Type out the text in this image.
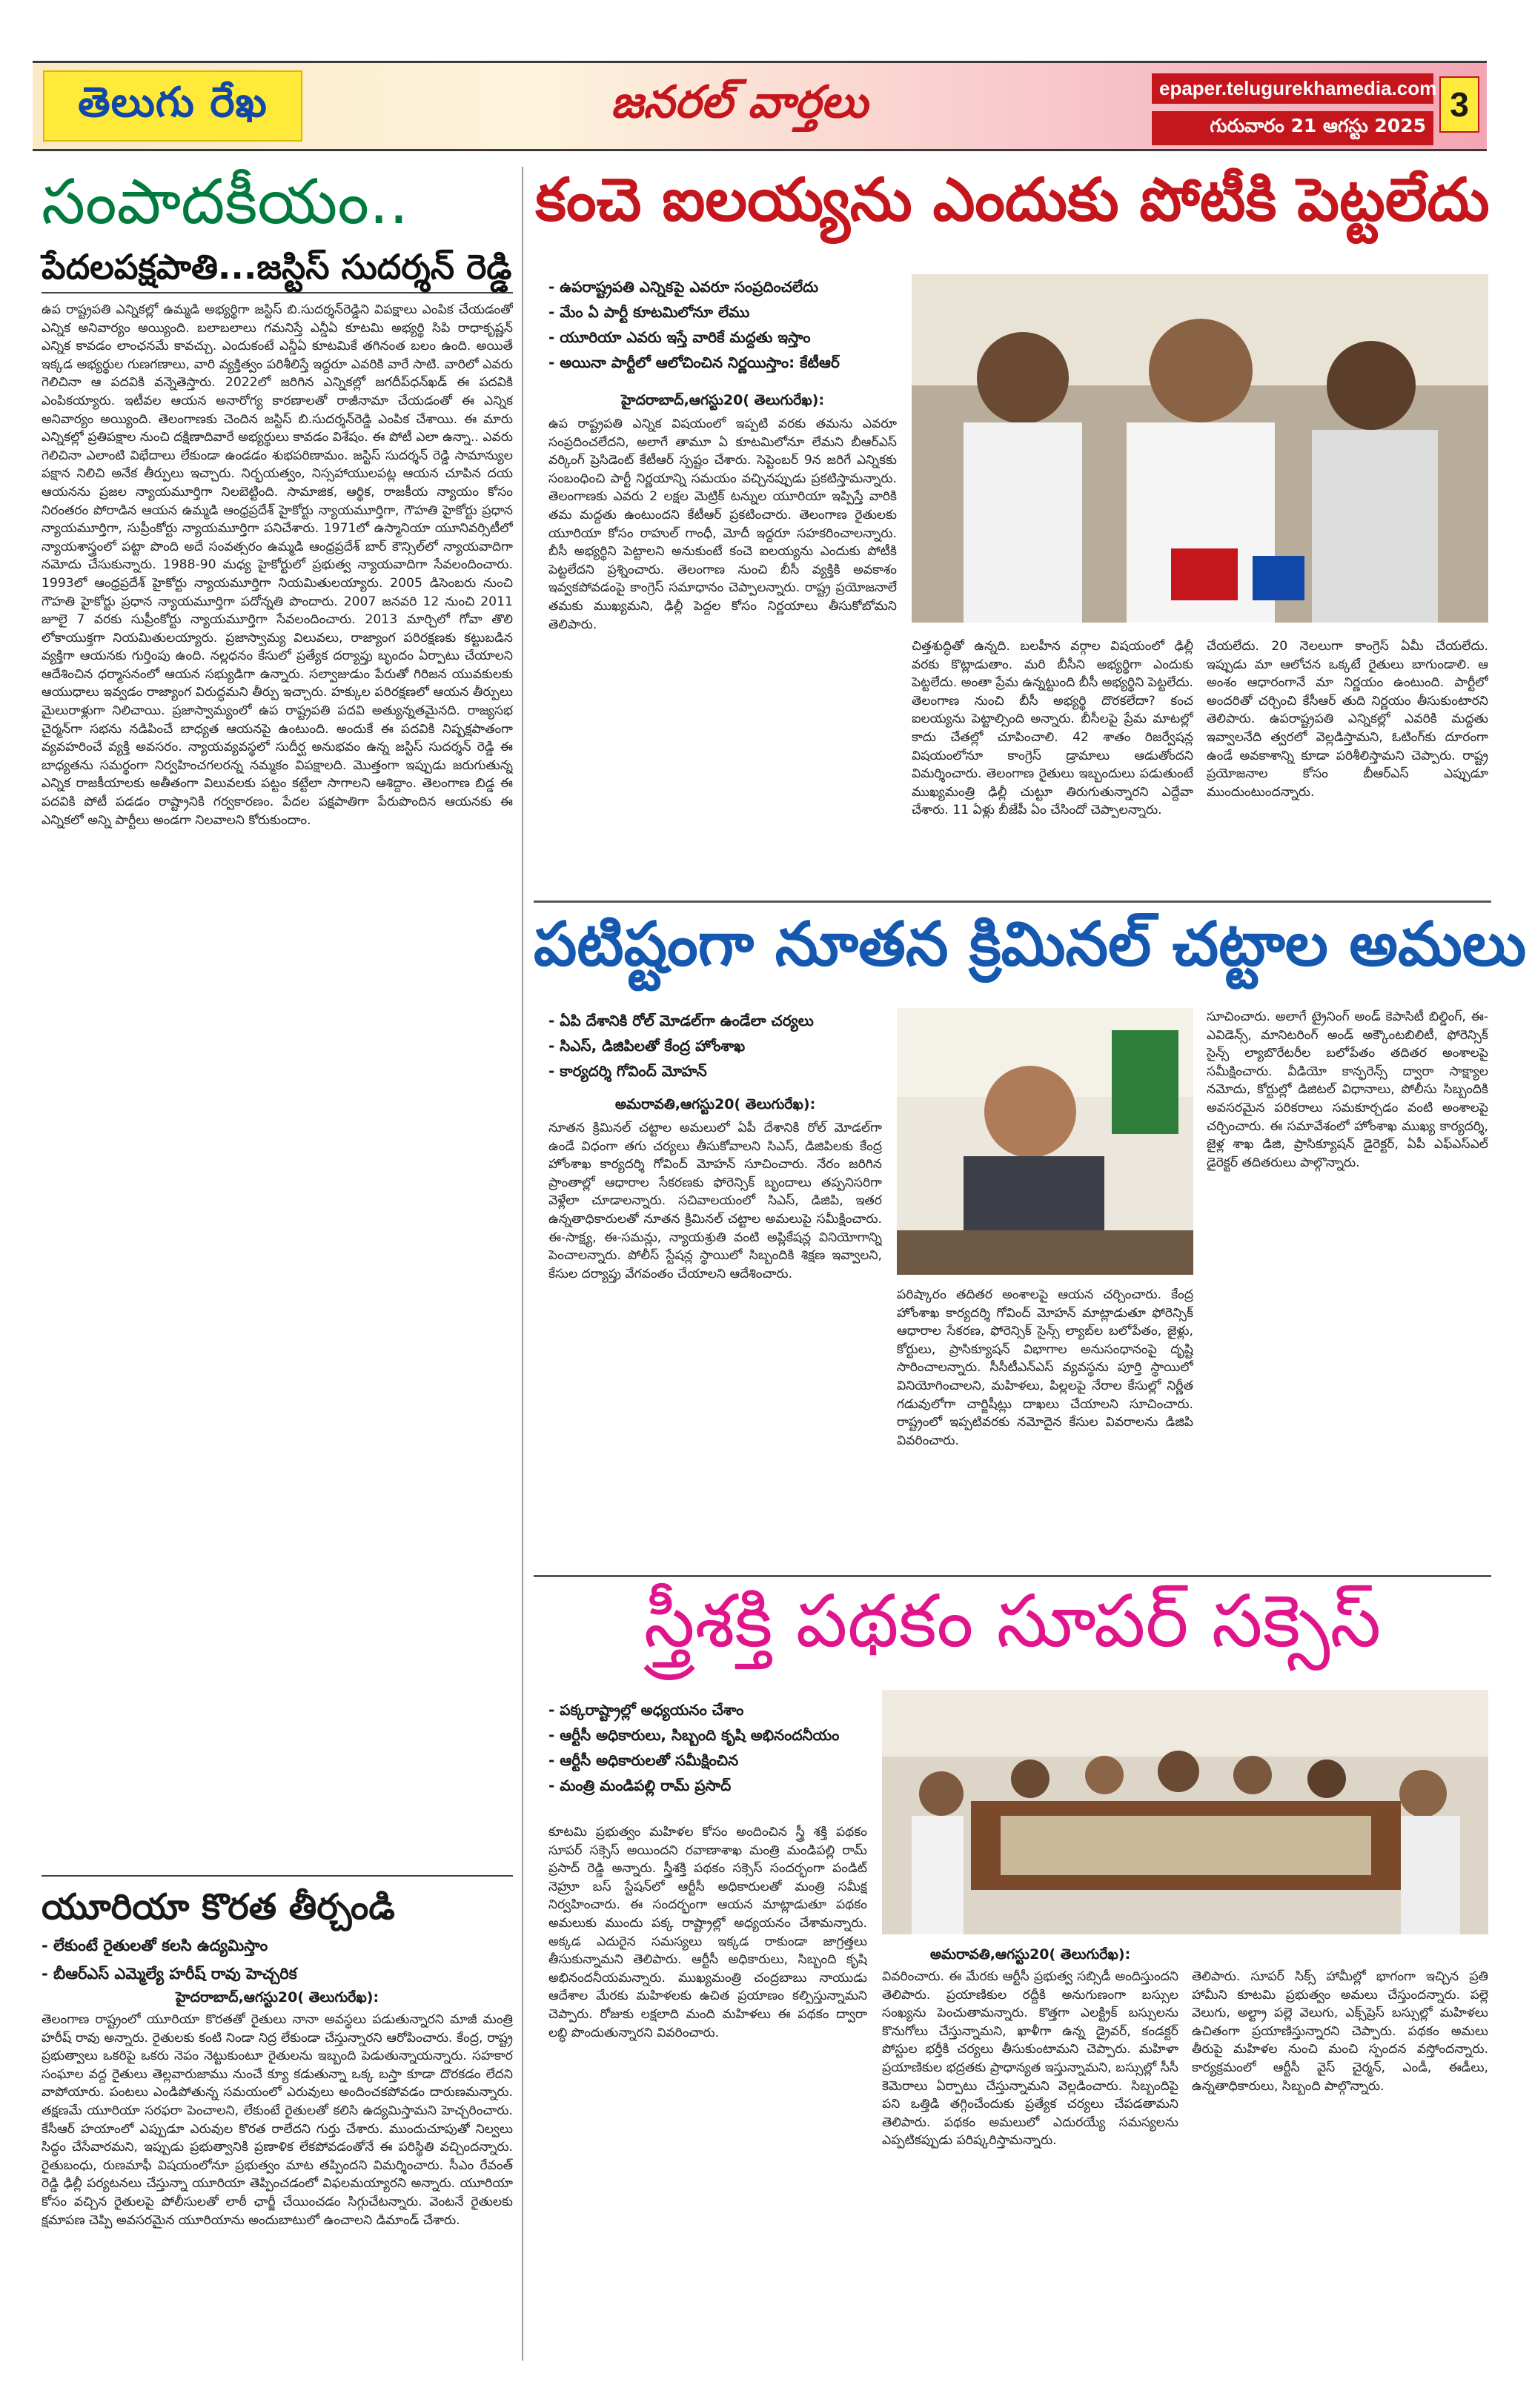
తెలుగు రేఖ	జనరల్ వార్తలు	epaper.telugurekhamedia.com
గురువారం 21 ఆగస్టు 2025
3
సంపాదకీయం..
పేదలపక్షపాతి...జస్టిస్ సుదర్శన్ రెడ్డి
ఉప రాష్ట్రపతి ఎన్నికల్లో ఉమ్మడి అభ్యర్థిగా జస్టిస్ బి.సుదర్శన్‌రెడ్డిని విపక్షాలు ఎంపిక చేయడంతో ఎన్నిక అనివార్యం అయ్యింది. బలాబలాలు గమనిస్తే ఎన్డీఏ కూటమి అభ్యర్థి సిపి రాధాకృష్ణన్ ఎన్నిక కావడం లాంఛనమే కావచ్చు. ఎందుకంటే ఎన్డీఏ కూటమికే తగినంత బలం ఉంది. అయితే ఇక్కడ అభ్యర్థుల గుణగణాలు, వారి వ్యక్తిత్వం పరిశీలిస్తే ఇద్దరూ ఎవరికి వారే సాటి. వారిలో ఎవరు గెలిచినా ఆ పదవికి వన్నెతెస్తారు. 2022లో జరిగిన ఎన్నికల్లో జగదీప్‌ధన్‌ఖడ్ ఈ పదవికి ఎంపికయ్యారు. ఇటీవల ఆయన అనారోగ్య కారణాలతో రాజీనామా చేయడంతో ఈ ఎన్నిక అనివార్యం అయ్యింది. తెలంగాణకు చెందిన జస్టిస్ బి.సుదర్శన్‌రెడ్డి ఎంపిక చేశాయి. ఈ మారు ఎన్నికల్లో ప్రతిపక్షాల నుంచి దక్షిణాదివారే అభ్యర్థులు కావడం విశేషం. ఈ పోటీ ఎలా ఉన్నా.. ఎవరు గెలిచినా ఎలాంటి విభేదాలు లేకుండా ఉండడం శుభపరిణామం. జస్టిస్ సుదర్శన్ రెడ్డి సామాన్యుల పక్షాన నిలిచి అనేక తీర్పులు ఇచ్చారు. నిర్భయత్వం, నిస్సహాయులపట్ల ఆయన చూపిన దయ ఆయనను ప్రజల న్యాయమూర్తిగా నిలబెట్టింది. సామాజిక, ఆర్థిక, రాజకీయ న్యాయం కోసం నిరంతరం పోరాడిన ఆయన ఉమ్మడి ఆంధ్రప్రదేశ్ హైకోర్టు న్యాయమూర్తిగా, గౌహతి హైకోర్టు ప్రధాన న్యాయమూర్తిగా, సుప్రీంకోర్టు న్యాయమూర్తిగా పనిచేశారు. 1971లో ఉస్మానియా యూనివర్సిటీలో న్యాయశాస్త్రంలో పట్టా పొంది అదే సంవత్సరం ఉమ్మడి ఆంధ్రప్రదేశ్ బార్ కౌన్సిల్‌లో న్యాయవాదిగా నమోదు చేసుకున్నారు. 1988-90 మధ్య హైకోర్టులో ప్రభుత్వ న్యాయవాదిగా సేవలందించారు. 1993లో ఆంధ్రప్రదేశ్ హైకోర్టు న్యాయమూర్తిగా నియమితులయ్యారు. 2005 డిసెంబరు నుంచి గౌహతి హైకోర్టు ప్రధాన న్యాయమూర్తిగా పదోన్నతి పొందారు. 2007 జనవరి 12 నుంచి 2011 జూలై 7 వరకు సుప్రీంకోర్టు న్యాయమూర్తిగా సేవలందించారు. 2013 మార్చిలో గోవా తొలి లోకాయుక్తగా నియమితులయ్యారు. ప్రజాస్వామ్య విలువలు, రాజ్యాంగ పరిరక్షణకు కట్టుబడిన వ్యక్తిగా ఆయనకు గుర్తింపు ఉంది. నల్లధనం కేసులో ప్రత్యేక దర్యాప్తు బృందం ఏర్పాటు చేయాలని ఆదేశించిన ధర్మాసనంలో ఆయన సభ్యుడిగా ఉన్నారు. సల్వాజుడుం పేరుతో గిరిజన యువకులకు ఆయుధాలు ఇవ్వడం రాజ్యాంగ విరుద్ధమని తీర్పు ఇచ్చారు. హక్కుల పరిరక్షణలో ఆయన తీర్పులు మైలురాళ్లుగా నిలిచాయి. ప్రజాస్వామ్యంలో ఉప రాష్ట్రపతి పదవి అత్యున్నతమైనది. రాజ్యసభ చైర్మన్‌గా సభను నడిపించే బాధ్యత ఆయనపై ఉంటుంది. అందుకే ఈ పదవికి నిష్పక్షపాతంగా వ్యవహరించే వ్యక్తి అవసరం. న్యాయవ్యవస్థలో సుదీర్ఘ అనుభవం ఉన్న జస్టిస్ సుదర్శన్ రెడ్డి ఈ బాధ్యతను సమర్థంగా నిర్వహించగలరన్న నమ్మకం విపక్షాలది. మొత్తంగా ఇప్పుడు జరుగుతున్న ఎన్నిక రాజకీయాలకు అతీతంగా విలువలకు పట్టం కట్టేలా సాగాలని ఆశిద్దాం. తెలంగాణ బిడ్డ ఈ పదవికి పోటీ పడడం రాష్ట్రానికి గర్వకారణం. పేదల పక్షపాతిగా పేరుపొందిన ఆయనకు ఈ ఎన్నికలో అన్ని పార్టీలు అండగా నిలవాలని కోరుకుందాం.
యూరియా కొరత తీర్చండి
- లేకుంటే రైతులతో కలసి ఉద్యమిస్తాం
- బీఆర్ఎస్ ఎమ్మెల్యే హరీష్ రావు హెచ్చరిక
హైదరాబాద్,ఆగస్టు20( తెలుగురేఖ):
తెలంగాణ రాష్ట్రంలో యూరియా కొరతతో రైతులు నానా అవస్థలు పడుతున్నారని మాజీ మంత్రి హరీష్ రావు అన్నారు. రైతులకు కంటి నిండా నిద్ర లేకుండా చేస్తున్నారని ఆరోపించారు. కేంద్ర, రాష్ట్ర ప్రభుత్వాలు ఒకరిపై ఒకరు నెపం నెట్టుకుంటూ రైతులను ఇబ్బంది పెడుతున్నాయన్నారు. సహకార సంఘాల వద్ద రైతులు తెల్లవారుజాము నుంచే క్యూ కడుతున్నా ఒక్క బస్తా కూడా దొరకడం లేదని వాపోయారు. పంటలు ఎండిపోతున్న సమయంలో ఎరువులు అందించకపోవడం దారుణమన్నారు. తక్షణమే యూరియా సరఫరా పెంచాలని, లేకుంటే రైతులతో కలిసి ఉద్యమిస్తామని హెచ్చరించారు. కేసీఆర్ హయాంలో ఎప్పుడూ ఎరువుల కొరత రాలేదని గుర్తు చేశారు. ముందుచూపుతో నిల్వలు సిద్ధం చేసేవారమని, ఇప్పుడు ప్రభుత్వానికి ప్రణాళిక లేకపోవడంతోనే ఈ పరిస్థితి వచ్చిందన్నారు. రైతుబంధు, రుణమాఫీ విషయంలోనూ ప్రభుత్వం మాట తప్పిందని విమర్శించారు. సీఎం రేవంత్ రెడ్డి ఢిల్లీ పర్యటనలు చేస్తున్నా యూరియా తెప్పించడంలో విఫలమయ్యారని అన్నారు. యూరియా కోసం వచ్చిన రైతులపై పోలీసులతో లాఠీ ఛార్జీ చేయించడం సిగ్గుచేటన్నారు. వెంటనే రైతులకు క్షమాపణ చెప్పి అవసరమైన యూరియాను అందుబాటులో ఉంచాలని డిమాండ్ చేశారు.
కంచె ఐలయ్యను ఎందుకు పోటీకి పెట్టలేదు
- ఉపరాష్ట్రపతి ఎన్నికపై ఎవరూ సంప్రదించలేదు
- మేం ఏ పార్టీ కూటమిలోనూ లేము
- యూరియా ఎవరు ఇస్తే వారికే మద్దతు ఇస్తాం
- అయినా పార్టీలో ఆలోచించిన నిర్ణయిస్తాం: కేటీఆర్
హైదరాబాద్,ఆగస్టు20( తెలుగురేఖ):
ఉప రాష్ట్రపతి ఎన్నిక విషయంలో ఇప్పటి వరకు తమను ఎవరూ సంప్రదించలేదని, అలాగే తామూ ఏ కూటమిలోనూ లేమని బీఆర్ఎస్ వర్కింగ్ ప్రెసిడెంట్ కేటీఆర్ స్పష్టం చేశారు. సెప్టెంబర్ 9న జరిగే ఎన్నికకు సంబంధించి పార్టీ నిర్ణయాన్ని సమయం వచ్చినప్పుడు ప్రకటిస్తామన్నారు. తెలంగాణకు ఎవరు 2 లక్షల మెట్రిక్ టన్నుల యూరియా ఇప్పిస్తే వారికి తమ మద్దతు ఉంటుందని కేటీఆర్ ప్రకటించారు. తెలంగాణ రైతులకు యూరియా కోసం రాహుల్ గాంధీ, మోదీ ఇద్దరూ సహకరించాలన్నారు. బీసీ అభ్యర్థిని పెట్టాలని అనుకుంటే కంచె ఐలయ్యను ఎందుకు పోటీకి పెట్టలేదని ప్రశ్నించారు. తెలంగాణ నుంచి బీసీ వ్యక్తికి అవకాశం ఇవ్వకపోవడంపై కాంగ్రెస్ సమాధానం చెప్పాలన్నారు. రాష్ట్ర ప్రయోజనాలే తమకు ముఖ్యమని, ఢిల్లీ పెద్దల కోసం నిర్ణయాలు తీసుకోబోమని తెలిపారు.
చిత్తశుద్ధితో ఉన్నది. బలహీన వర్గాల విషయంలో ఢిల్లీ వరకు కొట్లాడుతాం. మరి బీసీని అభ్యర్థిగా ఎందుకు పెట్టలేదు. అంతా ప్రేమ ఉన్నట్టుంది బీసీ అభ్యర్థిని పెట్టలేదు. తెలంగాణ నుంచి బీసీ అభ్యర్థి దొరకలేదా? కంచ ఐలయ్యను పెట్టాల్సింది అన్నారు. బీసీలపై ప్రేమ మాటల్లో కాదు చేతల్లో చూపించాలి. 42 శాతం రిజర్వేషన్ల విషయంలోనూ కాంగ్రెస్ డ్రామాలు ఆడుతోందని విమర్శించారు. తెలంగాణ రైతులు ఇబ్బందులు పడుతుంటే ముఖ్యమంత్రి ఢిల్లీ చుట్టూ తిరుగుతున్నారని ఎద్దేవా చేశారు. 11 ఏళ్లు బీజేపీ ఏం చేసిందో చెప్పాలన్నారు.
చేయలేదు. 20 నెలలుగా కాంగ్రెస్ ఏమీ చేయలేదు. ఇప్పుడు మా ఆలోచన ఒక్కటే రైతులు బాగుండాలి. ఆ అంశం ఆధారంగానే మా నిర్ణయం ఉంటుంది. పార్టీలో అందరితో చర్చించి కేసీఆర్ తుది నిర్ణయం తీసుకుంటారని తెలిపారు. ఉపరాష్ట్రపతి ఎన్నికల్లో ఎవరికి మద్దతు ఇవ్వాలనేది త్వరలో వెల్లడిస్తామని, ఓటింగ్‌కు దూరంగా ఉండే అవకాశాన్ని కూడా పరిశీలిస్తామని చెప్పారు. రాష్ట్ర ప్రయోజనాల కోసం బీఆర్ఎస్ ఎప్పుడూ ముందుంటుందన్నారు.
పటిష్టంగా నూతన క్రిమినల్ చట్టాల అమలు
- ఏపి దేశానికి రోల్ మోడల్‌గా ఉండేలా చర్యలు
- సిఎస్, డిజిపిలతో కేంద్ర హోంశాఖ
- కార్యదర్శి గోవింద్ మోహన్
అమరావతి,ఆగస్టు20( తెలుగురేఖ):
నూతన క్రిమినల్ చట్టాల అమలులో ఏపీ దేశానికి రోల్ మోడల్‌గా ఉండే విధంగా తగు చర్యలు తీసుకోవాలని సిఎస్, డిజిపిలకు కేంద్ర హోంశాఖ కార్యదర్శి గోవింద్ మోహన్ సూచించారు. నేరం జరిగిన ప్రాంతాల్లో ఆధారాల సేకరణకు ఫోరెన్సిక్ బృందాలు తప్పనిసరిగా వెళ్లేలా చూడాలన్నారు. సచివాలయంలో సిఎస్, డిజిపి, ఇతర ఉన్నతాధికారులతో నూతన క్రిమినల్ చట్టాల అమలుపై సమీక్షించారు. ఈ-సాక్ష్య, ఈ-సమన్లు, న్యాయశ్రుతి వంటి అప్లికేషన్ల వినియోగాన్ని పెంచాలన్నారు. పోలీస్ స్టేషన్ల స్థాయిలో సిబ్బందికి శిక్షణ ఇవ్వాలని, కేసుల దర్యాప్తు వేగవంతం చేయాలని ఆదేశించారు.
పరిష్కారం తదితర అంశాలపై ఆయన చర్చించారు. కేంద్ర హోంశాఖ కార్యదర్శి గోవింద్ మోహన్ మాట్లాడుతూ ఫోరెన్సిక్ ఆధారాల సేకరణ, ఫోరెన్సిక్ సైన్స్ ల్యాబ్‌ల బలోపేతం, జైళ్లు, కోర్టులు, ప్రాసిక్యూషన్ విభాగాల అనుసంధానంపై దృష్టి సారించాలన్నారు. సీసీటీఎన్ఎస్ వ్యవస్థను పూర్తి స్థాయిలో వినియోగించాలని, మహిళలు, పిల్లలపై నేరాల కేసుల్లో నిర్ణీత గడువులోగా చార్జిషీట్లు దాఖలు చేయాలని సూచించారు. రాష్ట్రంలో ఇప్పటివరకు నమోదైన కేసుల వివరాలను డిజిపి వివరించారు.
సూచించారు. అలాగే ట్రైనింగ్ అండ్ కెపాసిటీ బిల్డింగ్, ఈ-ఎవిడెన్స్, మానిటరింగ్ అండ్ అక్కౌంటబిలిటీ, ఫోరెన్సిక్ సైన్స్ ల్యాబొరేటరీల బలోపేతం తదితర అంశాలపై సమీక్షించారు. వీడియో కాన్ఫరెన్స్ ద్వారా సాక్ష్యాల నమోదు, కోర్టుల్లో డిజిటల్ విధానాలు, పోలీసు సిబ్బందికి అవసరమైన పరికరాలు సమకూర్చడం వంటి అంశాలపై చర్చించారు. ఈ సమావేశంలో హోంశాఖ ముఖ్య కార్యదర్శి, జైళ్ల శాఖ డిజి, ప్రాసిక్యూషన్ డైరెక్టర్, ఏపీ ఎఫ్ఎస్ఎల్ డైరెక్టర్ తదితరులు పాల్గొన్నారు.
స్త్రీశక్తి పథకం సూపర్ సక్సెస్
- పక్కరాష్ట్రాల్లో అధ్యయనం చేశాం
- ఆర్టీసీ అధికారులు, సిబ్బంది కృషి అభినందనీయం
- ఆర్టీసీ అధికారులతో సమీక్షించిన
- మంత్రి మండిపల్లి రామ్ ప్రసాద్
అమరావతి,ఆగస్టు20( తెలుగురేఖ):
కూటమి ప్రభుత్వం మహిళల కోసం అందించిన స్త్రీ శక్తి పథకం సూపర్ సక్సెస్ అయిందని రవాణాశాఖ మంత్రి మండిపల్లి రామ్ ప్రసాద్ రెడ్డి అన్నారు. స్త్రీశక్తి పథకం సక్సెస్ సందర్భంగా పండిట్ నెహ్రూ బస్ స్టేషన్‌లో ఆర్టీసీ అధికారులతో మంత్రి సమీక్ష నిర్వహించారు. ఈ సందర్భంగా ఆయన మాట్లాడుతూ పథకం అమలుకు ముందు పక్క రాష్ట్రాల్లో అధ్యయనం చేశామన్నారు. అక్కడ ఎదురైన సమస్యలు ఇక్కడ రాకుండా జాగ్రత్తలు తీసుకున్నామని తెలిపారు. ఆర్టీసీ అధికారులు, సిబ్బంది కృషి అభినందనీయమన్నారు. ముఖ్యమంత్రి చంద్రబాబు నాయుడు ఆదేశాల మేరకు మహిళలకు ఉచిత ప్రయాణం కల్పిస్తున్నామని చెప్పారు. రోజుకు లక్షలాది మంది మహిళలు ఈ పథకం ద్వారా లబ్ధి పొందుతున్నారని వివరించారు.
వివరించారు. ఈ మేరకు ఆర్టీసీ ప్రభుత్వ సబ్సిడీ అందిస్తుందని తెలిపారు. ప్రయాణికుల రద్దీకి అనుగుణంగా బస్సుల సంఖ్యను పెంచుతామన్నారు. కొత్తగా ఎలక్ట్రిక్ బస్సులను కొనుగోలు చేస్తున్నామని, ఖాళీగా ఉన్న డ్రైవర్, కండక్టర్ పోస్టుల భర్తీకి చర్యలు తీసుకుంటామని చెప్పారు. మహిళా ప్రయాణికుల భద్రతకు ప్రాధాన్యత ఇస్తున్నామని, బస్సుల్లో సీసీ కెమెరాలు ఏర్పాటు చేస్తున్నామని వెల్లడించారు. సిబ్బందిపై పని ఒత్తిడి తగ్గించేందుకు ప్రత్యేక చర్యలు చేపడతామని తెలిపారు. పథకం అమలులో ఎదురయ్యే సమస్యలను ఎప్పటికప్పుడు పరిష్కరిస్తామన్నారు.
తెలిపారు. సూపర్ సిక్స్ హామీల్లో భాగంగా ఇచ్చిన ప్రతి హామీని కూటమి ప్రభుత్వం అమలు చేస్తుందన్నారు. పల్లె వెలుగు, అల్ట్రా పల్లె వెలుగు, ఎక్స్‌ప్రెస్ బస్సుల్లో మహిళలు ఉచితంగా ప్రయాణిస్తున్నారని చెప్పారు. పథకం అమలు తీరుపై మహిళల నుంచి మంచి స్పందన వస్తోందన్నారు. కార్యక్రమంలో ఆర్టీసీ వైస్ చైర్మన్, ఎండీ, ఈడీలు, ఉన్నతాధికారులు, సిబ్బంది పాల్గొన్నారు.
